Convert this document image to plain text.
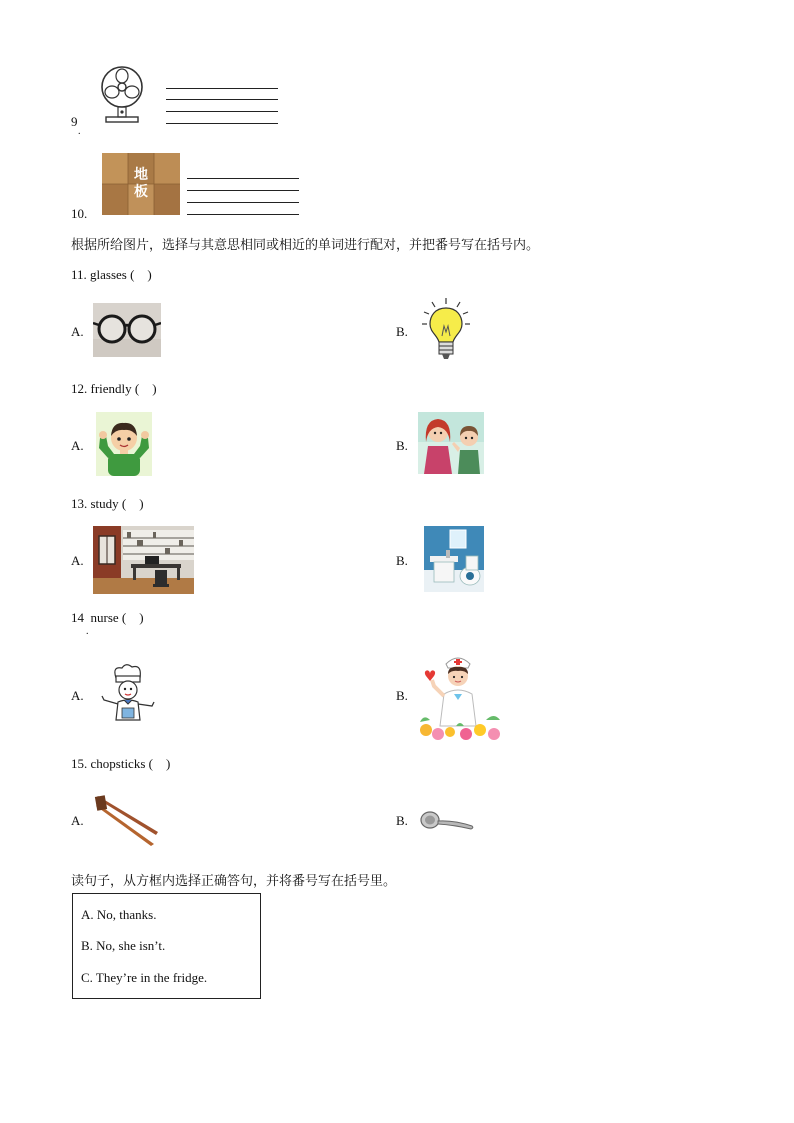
9
.
10.
地
板
根据所给图片，选择与其意思相同或相近的单词进行配对，并把番号写在括号内。
11. glasses (    )
A.	B.
12. friendly (    )
A.	B.
13. study (    )
A.	B.
14  nurse (    )
.
A.	B.
15. chopsticks (    )
A.	B.
读句子，从方框内选择正确答句，并将番号写在括号里。
A. No, thanks.
B. No, she isn’t.
C. They’re in the fridge.
